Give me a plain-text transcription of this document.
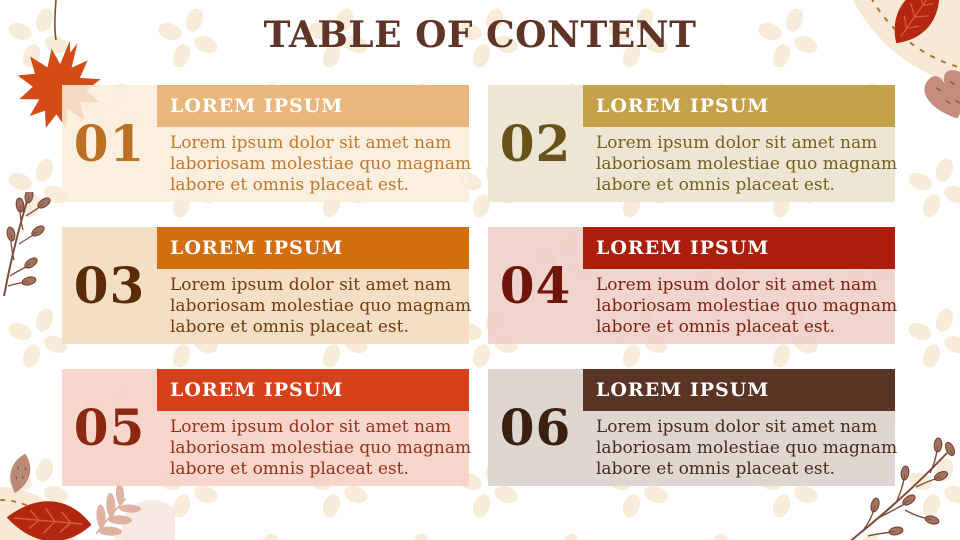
TABLE OF CONTENT
01
LOREM IPSUM
Lorem ipsum dolor sit amet nam
laboriosam molestiae quo magnam
labore et omnis placeat est.
02
LOREM IPSUM
Lorem ipsum dolor sit amet nam
laboriosam molestiae quo magnam
labore et omnis placeat est.
03
LOREM IPSUM
Lorem ipsum dolor sit amet nam
laboriosam molestiae quo magnam
labore et omnis placeat est.
04
LOREM IPSUM
Lorem ipsum dolor sit amet nam
laboriosam molestiae quo magnam
labore et omnis placeat est.
05
LOREM IPSUM
Lorem ipsum dolor sit amet nam
laboriosam molestiae quo magnam
labore et omnis placeat est.
06
LOREM IPSUM
Lorem ipsum dolor sit amet nam
laboriosam molestiae quo magnam
labore et omnis placeat est.
